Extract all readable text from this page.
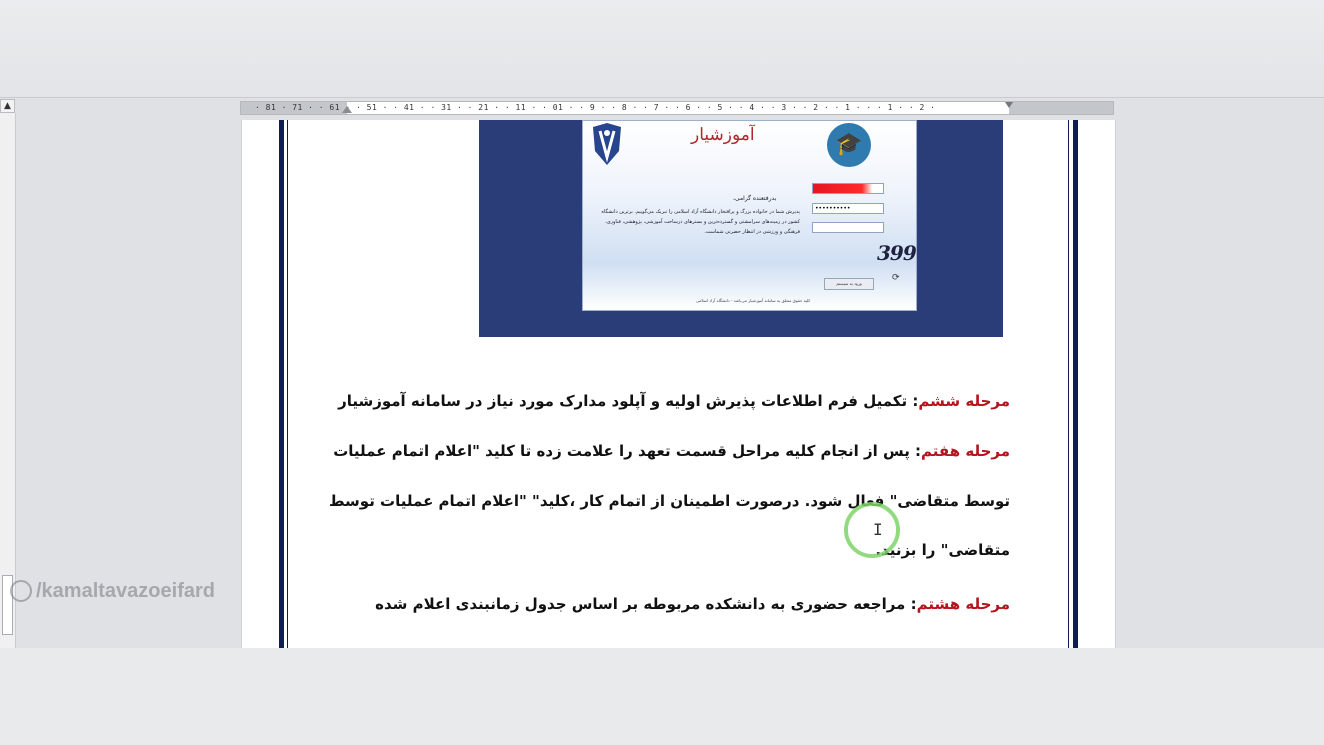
▲	· 81 · 71 · · 61 · · 51 · · 41 · · 31 · · 21 · · 11 · · 01 · · 9 · · 8 · · 7 · · 6 · · 5 · · 4 · · 3 · · 2 · · 1 · · · 1 · · 2 ·
آموزشیار	🎓
بدرفتعنده گرامی،
پذیرش شما در خانواده بزرگ و پرافتخار دانشگاه آزاد اسلامی را تبریک می‌گوییم. برترین دانشگاه کشور در زمینه‌های سرامشتی و گسترده‌ترین و بسترهای درساخت آموزشی، پژوهشی، فناوری، فرهنگی و ورزشی در انتظار حضرتی شماست.
••••••••••
399
⟳
ورود به سیستم
کلیه حقوق متعلق به سامانه آموزشیار می‌باشد - دانشگاه آزاد اسلامی
مرحله ششم: تکمیل فرم اطلاعات پذیرش اولیه و آپلود مدارک مورد نیاز در سامانه آموزشیار
مرحله هفتم: پس از انجام کلیه مراحل قسمت تعهد را علامت زده تا کلید "اعلام اتمام عملیات
توسط متقاضی" فعال شود. درصورت اطمینان از اتمام کار ،کلید" "اعلام اتمام عملیات توسط
متقاضی" را بزنید.
مرحله هشتم: مراجعه حضوری به دانشکده مربوطه بر اساس جدول زمانبندی اعلام شده
I
/kamaltavazoeifard
